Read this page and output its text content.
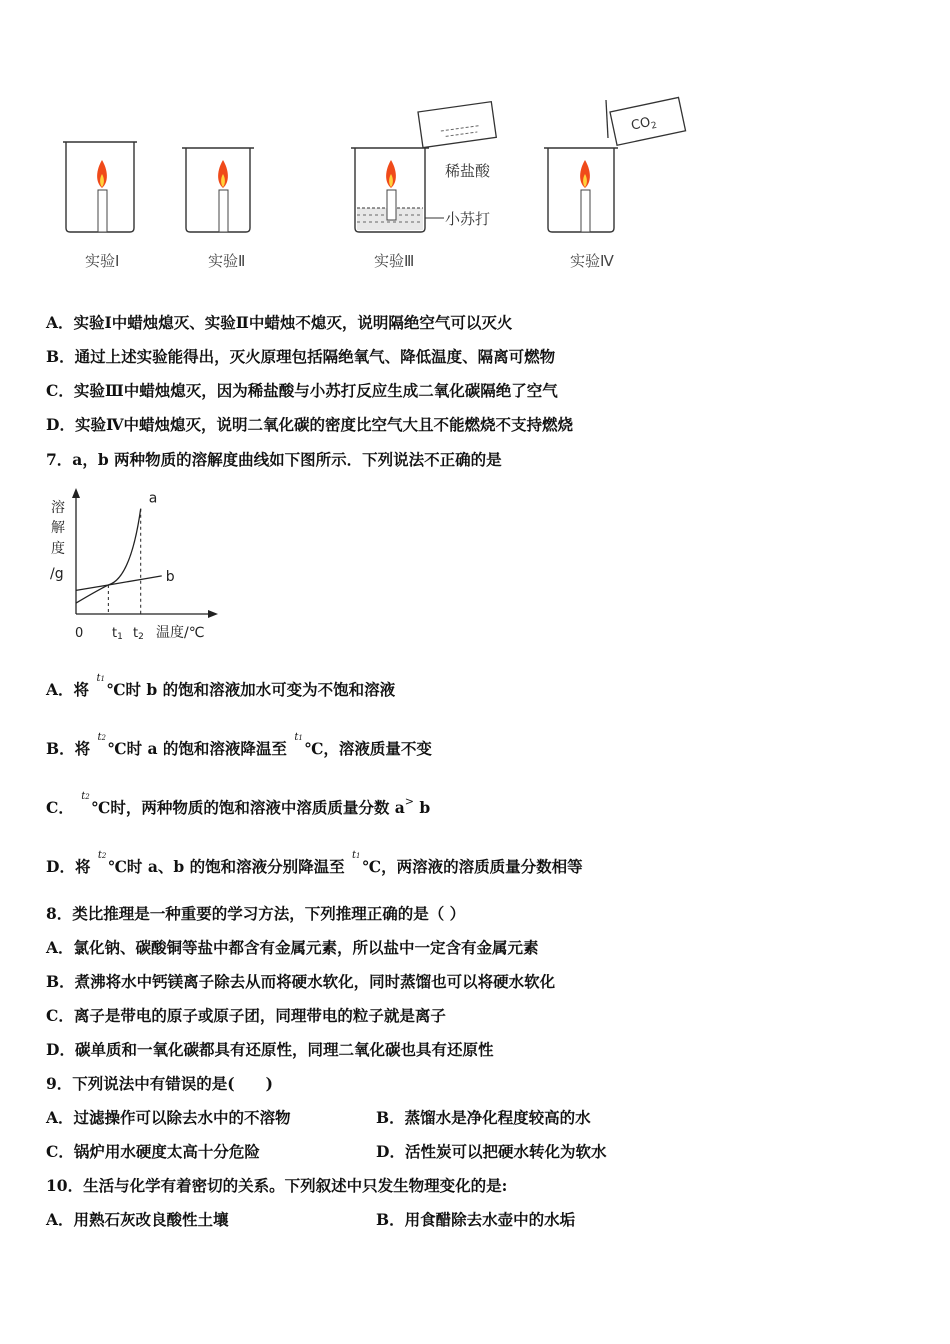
稀盐酸
小苏打
$CO_2$
实验Ⅰ	实验Ⅱ	实验Ⅲ	实验Ⅳ
A．实验Ⅰ中蜡烛熄灭、实验Ⅱ中蜡烛不熄灭，说明隔绝空气可以灭火
B．通过上述实验能得出，灭火原理包括隔绝氧气、降低温度、隔离可燃物
C．实验Ⅲ中蜡烛熄灭，因为稀盐酸与小苏打反应生成二氧化碳隔绝了空气
D．实验Ⅳ中蜡烛熄灭，说明二氧化碳的密度比空气大且不能燃烧不支持燃烧
7．a，b 两种物质的溶解度曲线如下图所示．下列说法不正确的是
溶
解
度
/g
a
b
0 t1 t2 温度/℃
A．将 $^{t1}$℃时 b 的饱和溶液加水可变为不饱和溶液
B．将 $^{t2}$℃时 a 的饱和溶液降温至 $^{t1}$℃，溶液质量不变
C． $^{t2}$℃时，两种物质的饱和溶液中溶质质量分数 a> b
D．将 $^{t2}$℃时 a、b 的饱和溶液分别降温至 $^{t1}$℃，两溶液的溶质质量分数相等
8．类比推理是一种重要的学习方法，下列推理正确的是（ ）
A．氯化钠、碳酸铜等盐中都含有金属元素，所以盐中一定含有金属元素
B．煮沸将水中钙镁离子除去从而将硬水软化，同时蒸馏也可以将硬水软化
C．离子是带电的原子或原子团，同理带电的粒子就是离子
D．碳单质和一氧化碳都具有还原性，同理二氧化碳也具有还原性
9．下列说法中有错误的是(　　)
A．过滤操作可以除去水中的不溶物	B．蒸馏水是净化程度较高的水
C．锅炉用水硬度太高十分危险	D．活性炭可以把硬水转化为软水
10．生活与化学有着密切的关系。下列叙述中只发生物理变化的是:
A．用熟石灰改良酸性土壤	B．用食醋除去水壶中的水垢
